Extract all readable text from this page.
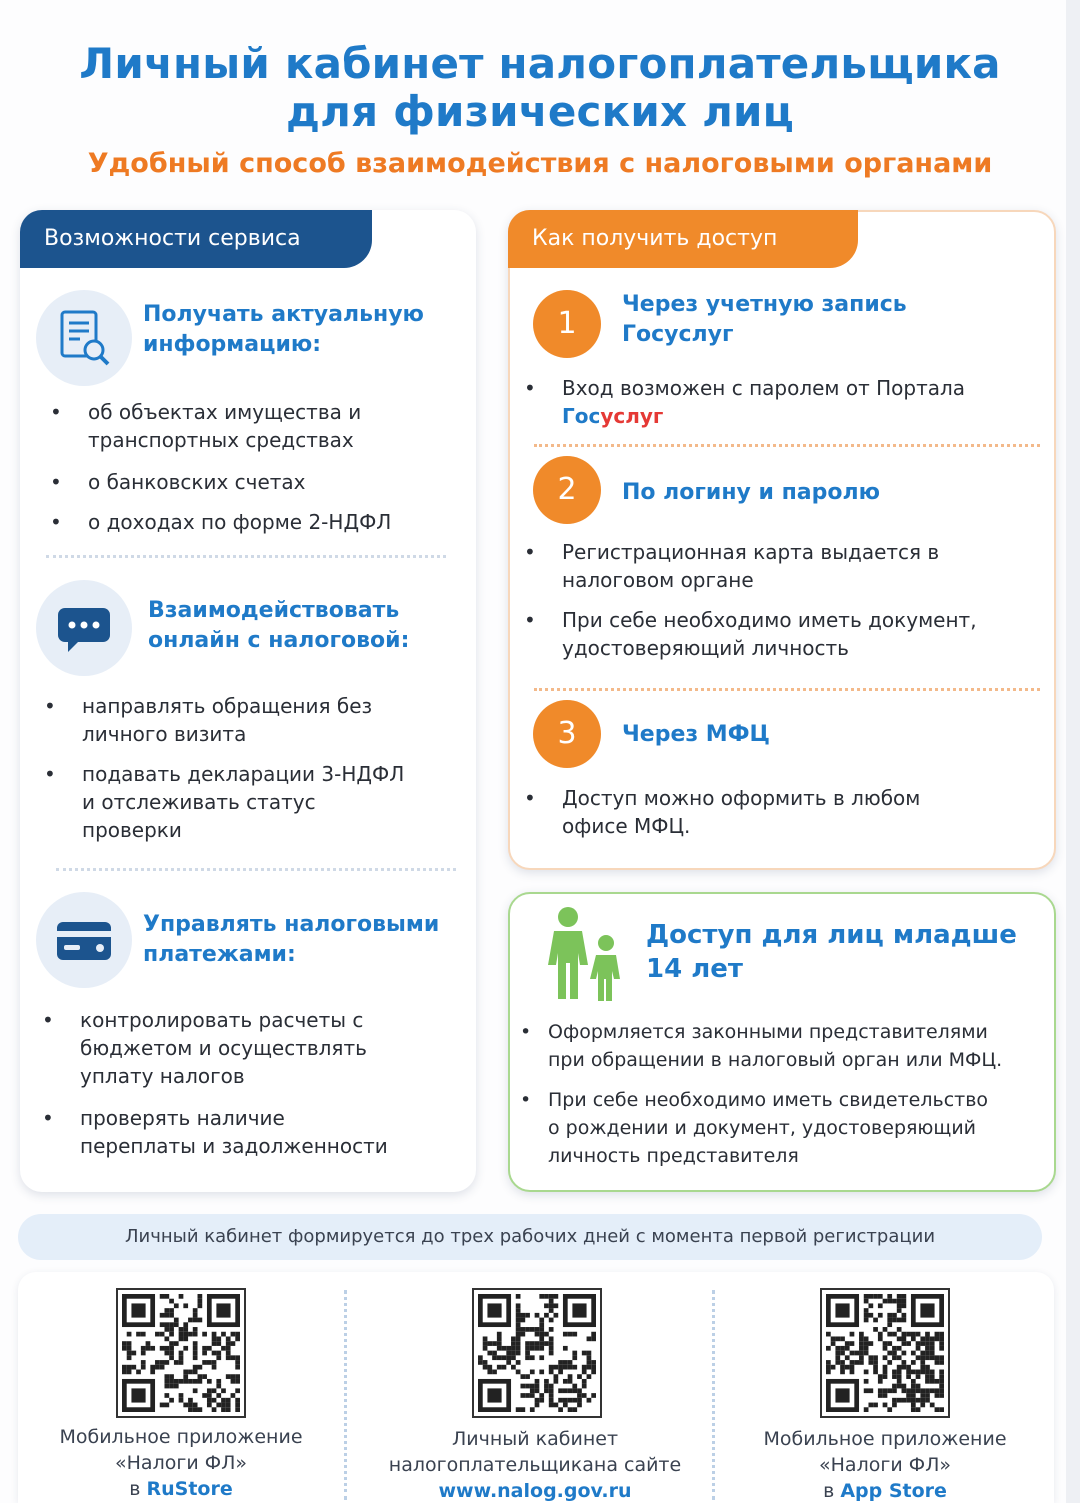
Личный кабинет налогоплательщика
для физических лиц
Удобный способ взаимодействия с налоговыми органами
Возможности сервиса
Получать актуальную
информацию:
• об объектах имущества и
транспортных средствах
• о банковских счетах
• о доходах по форме 2-НДФЛ
Взаимодействовать
онлайн с налоговой:
• направлять обращения без
личного визита
• подавать декларации 3-НДФЛ
и отслеживать статус
проверки
Управлять налоговыми
платежами:
• контролировать расчеты с
бюджетом и осуществлять
уплату налогов
• проверять наличие
переплаты и задолженности
Как получить доступ
1
Через учетную запись
Госуслуг
• Вход возможен с паролем от Портала
Госуслуг
2	По логину и паролю
• Регистрационная карта выдается в
налоговом органе
• При себе необходимо иметь документ,
удостоверяющий личность
3	Через МФЦ
• Доступ можно оформить в любом
офисе МФЦ.
Доступ для лиц младше
14 лет
• Оформляется законными представителями
при обращении в налоговый орган или МФЦ.
• При себе необходимо иметь свидетельство
о рождении и документ, удостоверяющий
личность представителя
Личный кабинет формируется до трех рабочих дней с момента первой регистрации
Мобильное приложение
«Налоги ФЛ»
в RuStore
Личный кабинет
налогоплательщикана сайте
www.nalog.gov.ru
Мобильное приложение
«Налоги ФЛ»
в App Store
